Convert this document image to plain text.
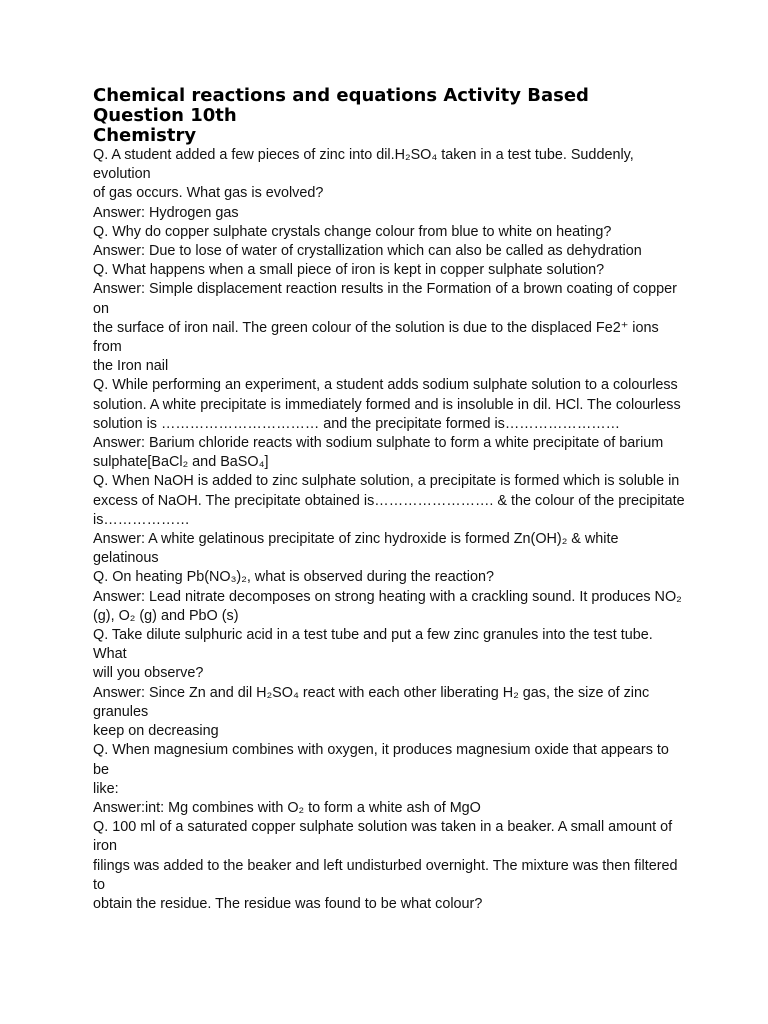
Chemical reactions and equations Activity Based
Question 10th
Chemistry
Q. A student added a few pieces of zinc into dil.H₂SO₄ taken in a test tube. Suddenly,
evolution
of gas occurs. What gas is evolved?
Answer: Hydrogen gas
Q. Why do copper sulphate crystals change colour from blue to white on heating?
Answer: Due to lose of water of crystallization which can also be called as dehydration
Q. What happens when a small piece of iron is kept in copper sulphate solution?
Answer: Simple displacement reaction results in the Formation of a brown coating of copper
on
the surface of iron nail. The green colour of the solution is due to the displaced Fe2⁺ ions
from
the Iron nail
Q. While performing an experiment, a student adds sodium sulphate solution to a colourless
solution. A white precipitate is immediately formed and is insoluble in dil. HCl. The colourless
solution is …………………………… and the precipitate formed is……………………
Answer: Barium chloride reacts with sodium sulphate to form a white precipitate of barium
sulphate[BaCl₂ and BaSO₄]
Q. When NaOH is added to zinc sulphate solution, a precipitate is formed which is soluble in
excess of NaOH. The precipitate obtained is……………………. & the colour of the precipitate
is………………
Answer: A white gelatinous precipitate of zinc hydroxide is formed Zn(OH)₂ & white
gelatinous
Q. On heating Pb(NO₃)₂, what is observed during the reaction?
Answer: Lead nitrate decomposes on strong heating with a crackling sound. It produces NO₂
(g), O₂ (g) and PbO (s)
Q. Take dilute sulphuric acid in a test tube and put a few zinc granules into the test tube.
What
will you observe?
Answer: Since Zn and dil H₂SO₄ react with each other liberating H₂ gas, the size of zinc
granules
keep on decreasing
Q. When magnesium combines with oxygen, it produces magnesium oxide that appears to
be
like:
Answer:int: Mg combines with O₂ to form a white ash of MgO
Q. 100 ml of a saturated copper sulphate solution was taken in a beaker. A small amount of
iron
filings was added to the beaker and left undisturbed overnight. The mixture was then filtered
to
obtain the residue. The residue was found to be what colour?
